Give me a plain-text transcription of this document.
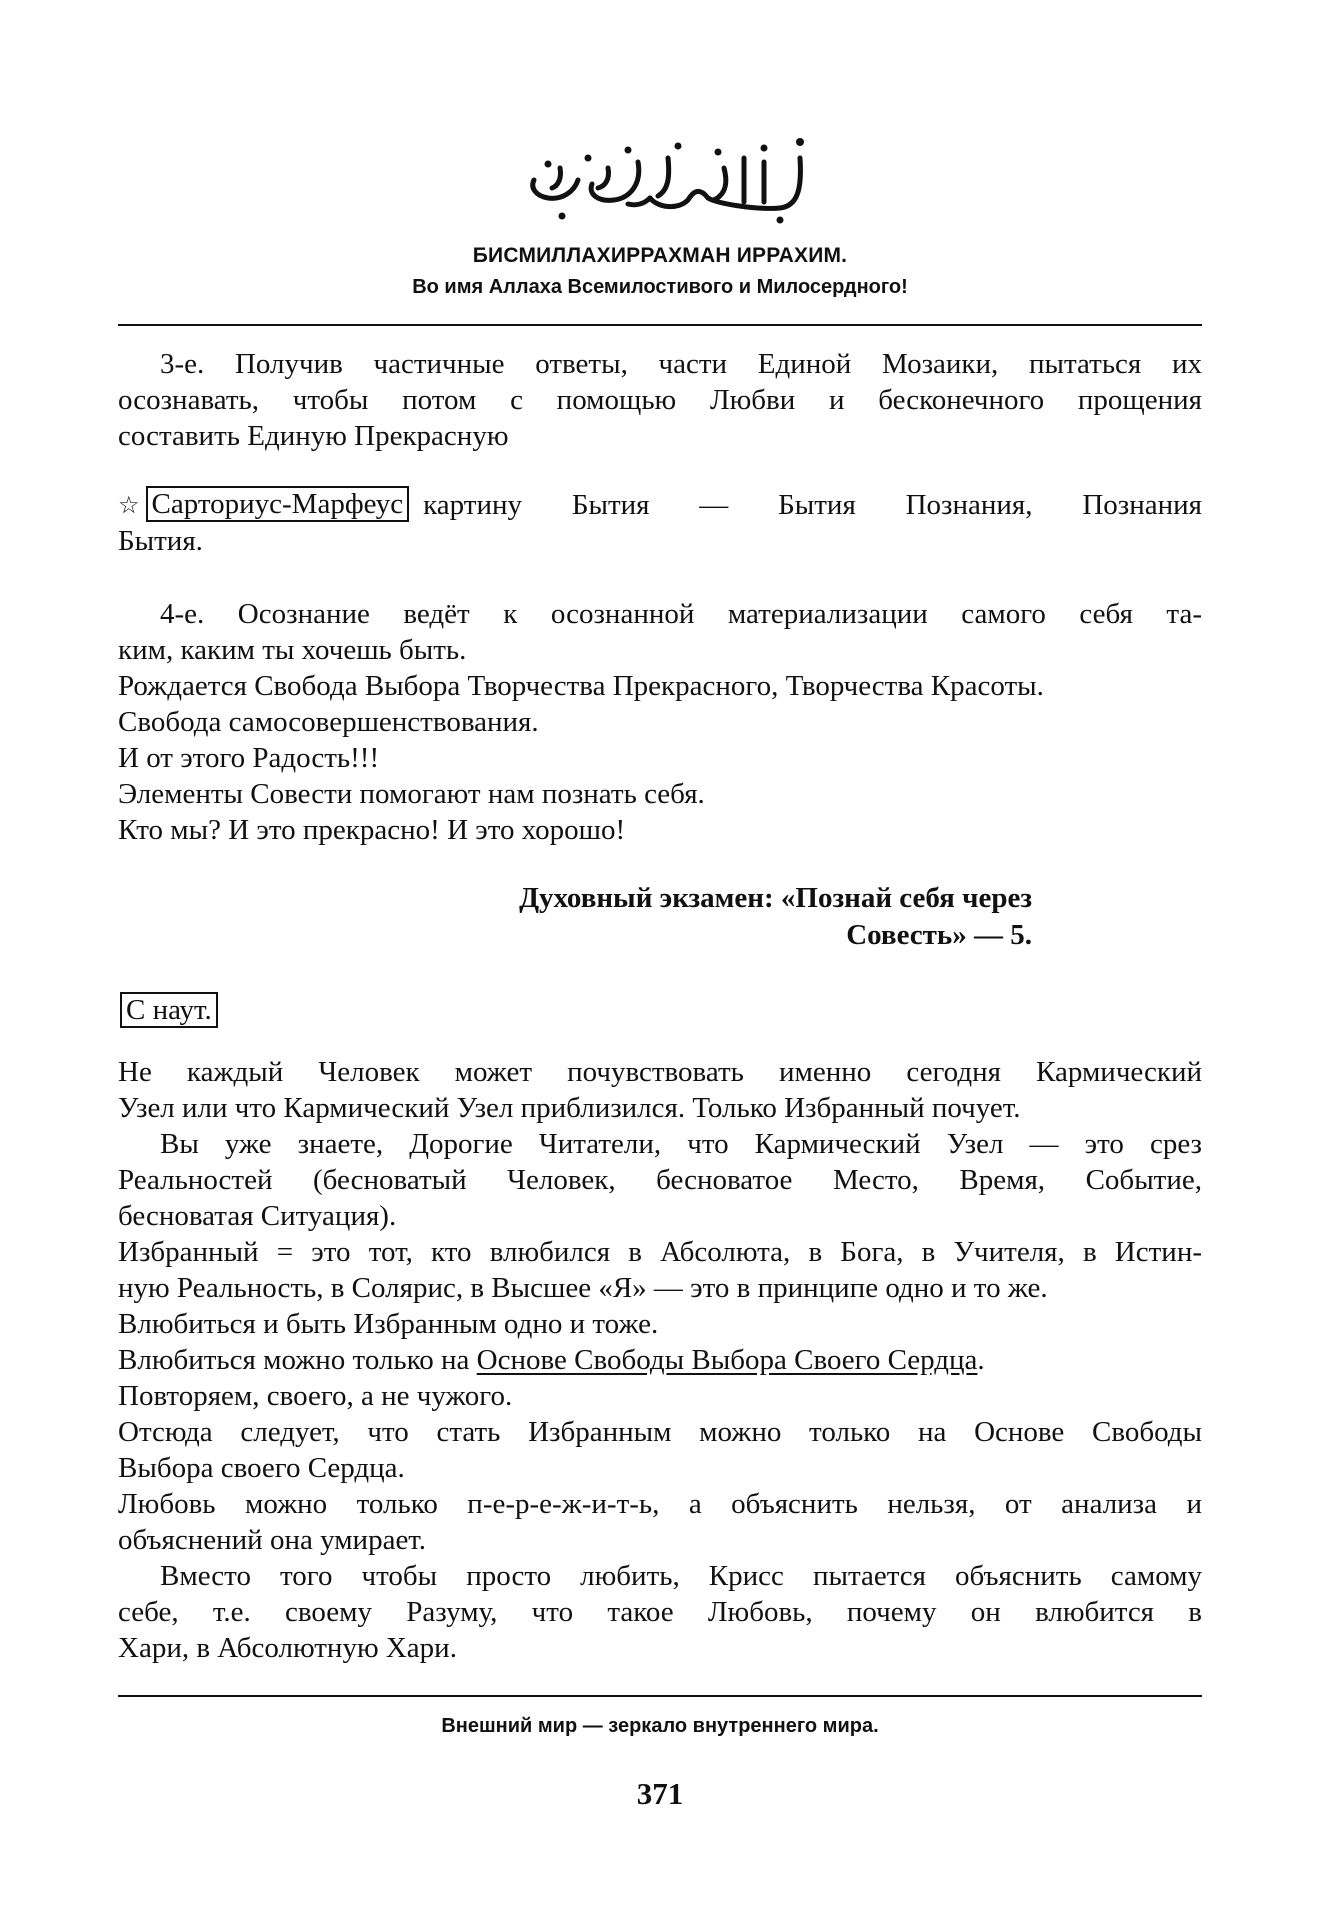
БИСМИЛЛАХИРРАХМАН ИРРАХИМ.
Во имя Аллаха Всемилостивого и Милосердного!
3-е. Получив частичные ответы, части Единой Мозаики, пытаться их
осознавать, чтобы потом с помощью Любви и бесконечного прощения
составить Единую Прекрасную
☆ Сарториус-Марфеус картину Бытия — Бытия Познания, Познания
Бытия.
4-е. Осознание ведёт к осознанной материализации самого себя та-
ким, каким ты хочешь быть.
Рождается Свобода Выбора Творчества Прекрасного, Творчества Красоты.
Свобода самосовершенствования.
И от этого Радость!!!
Элементы Совести помогают нам познать себя.
Кто мы? И это прекрасно! И это хорошо!
Духовный экзамен: «Познай себя через
Совесть» — 5.
С наут.
Не каждый Человек может почувствовать именно сегодня Кармический
Узел или что Кармический Узел приблизился. Только Избранный почует.
Вы уже знаете, Дорогие Читатели, что Кармический Узел — это срез
Реальностей (бесноватый Человек, бесноватое Место, Время, Событие,
бесноватая Ситуация).
Избранный = это тот, кто влюбился в Абсолюта, в Бога, в Учителя, в Истин-
ную Реальность, в Солярис, в Высшее «Я» — это в принципе одно и то же.
Влюбиться и быть Избранным одно и тоже.
Влюбиться можно только на Основе Свободы Выбора Своего Сердца.
Повторяем, своего, а не чужого.
Отсюда следует, что стать Избранным можно только на Основе Свободы
Выбора своего Сердца.
Любовь можно только п-е-р-е-ж-и-т-ь, а объяснить нельзя, от анализа и
объяснений она умирает.
Вместо того чтобы просто любить, Крисс пытается объяснить самому
себе, т.е. своему Разуму, что такое Любовь, почему он влюбится в
Хари, в Абсолютную Хари.
Внешний мир — зеркало внутреннего мира.
371
